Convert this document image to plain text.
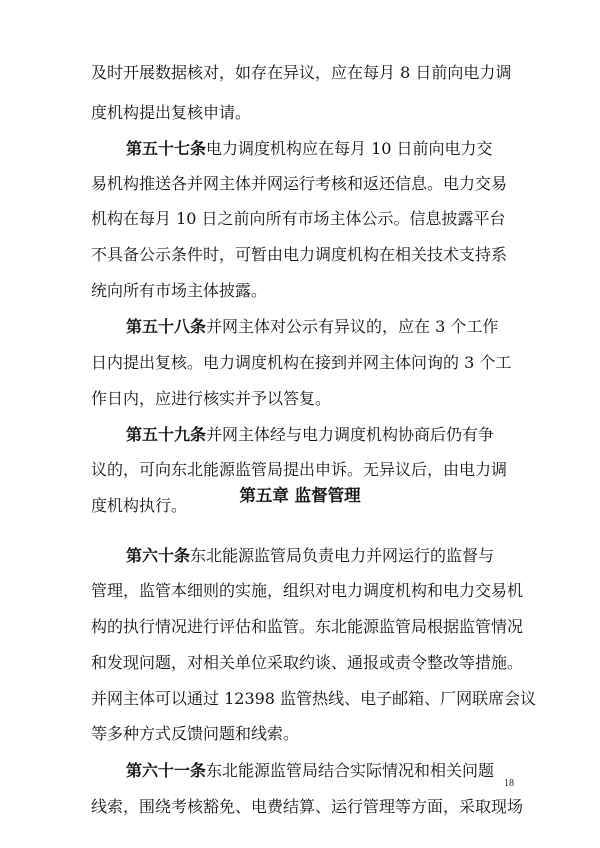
第五章 监督管理
18
及时开展数据核对，如存在异议，应在每月 8 日前向电力调
度机构提出复核申请。
第五十七条电力调度机构应在每月 10 日前向电力交
易机构推送各并网主体并网运行考核和返还信息。电力交易
机构在每月 10 日之前向所有市场主体公示。信息披露平台
不具备公示条件时，可暂由电力调度机构在相关技术支持系
统向所有市场主体披露。
第五十八条并网主体对公示有异议的，应在 3 个工作
日内提出复核。电力调度机构在接到并网主体问询的 3 个工
作日内，应进行核实并予以答复。
第五十九条并网主体经与电力调度机构协商后仍有争
议的，可向东北能源监管局提出申诉。无异议后，由电力调
度机构执行。
第六十条东北能源监管局负责电力并网运行的监督与
管理，监管本细则的实施，组织对电力调度机构和电力交易机
构的执行情况进行评估和监管。东北能源监管局根据监管情况
和发现问题，对相关单位采取约谈、通报或责令整改等措施。
并网主体可以通过 12398 监管热线、电子邮箱、厂网联席会议
等多种方式反馈问题和线索。
第六十一条东北能源监管局结合实际情况和相关问题
线索，围绕考核豁免、电费结算、运行管理等方面，采取现场
